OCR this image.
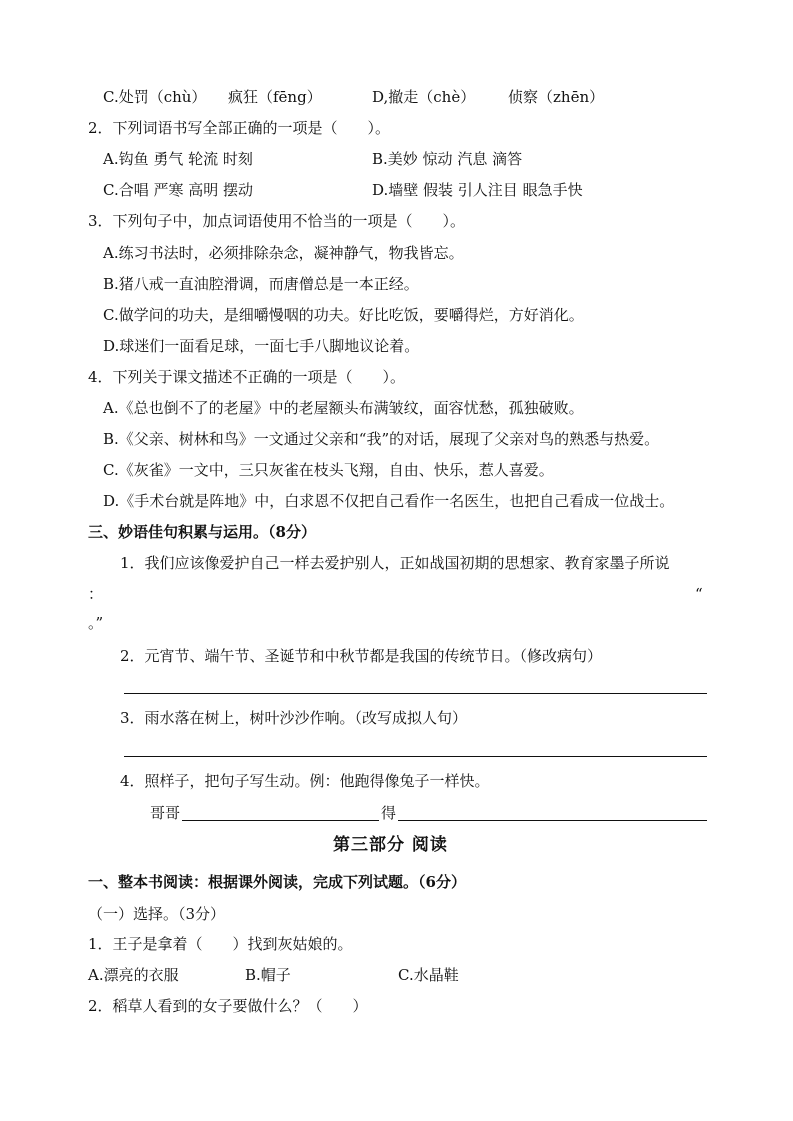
C.处罚（chù） 疯狂（fēng）	D,撤走（chè） 侦察（zhēn）
2．下列词语书写全部正确的一项是（　　）。
A.钩鱼 勇气 轮流 时刻	B.美妙 惊动 汽息 滴答
C.合唱 严寒 高明 摆动	D.墙壁 假装 引人注目 眼急手快
3．下列句子中，加点词语使用不恰当的一项是（　　）。
A.练习书法时，必须排除杂念，凝神静气，物我皆忘。
B.猪八戒一直油腔滑调，而唐僧总是一本正经。
C.做学问的功夫，是细嚼慢咽的功夫。好比吃饭，要嚼得烂，方好消化。
D.球迷们一面看足球，一面七手八脚地议论着。
4．下列关于课文描述不正确的一项是（　　）。
A.《总也倒不了的老屋》中的老屋额头布满皱纹，面容忧愁，孤独破败。
B.《父亲、树林和鸟》一文通过父亲和“我”的对话，展现了父亲对鸟的熟悉与热爱。
C.《灰雀》一文中，三只灰雀在枝头飞翔，自由、快乐，惹人喜爱。
D.《手术台就是阵地》中，白求恩不仅把自己看作一名医生，也把自己看成一位战士。
三、妙语佳句积累与运用。（8分）
1．我们应该像爱护自己一样去爱护别人，正如战国初期的思想家、教育家墨子所说
：	“
。”
2．元宵节、端午节、圣诞节和中秋节都是我国的传统节日。（修改病句）
3．雨水落在树上，树叶沙沙作响。（改写成拟人句）
4．照样子，把句子写生动。例：他跑得像兔子一样快。
哥哥	得
第三部分 阅读
一、整本书阅读：根据课外阅读，完成下列试题。（6分）
（一）选择。（3分）
1．王子是拿着（　　）找到灰姑娘的。
A.漂亮的衣服	B.帽子	C.水晶鞋
2．稻草人看到的女子要做什么？（　　）
